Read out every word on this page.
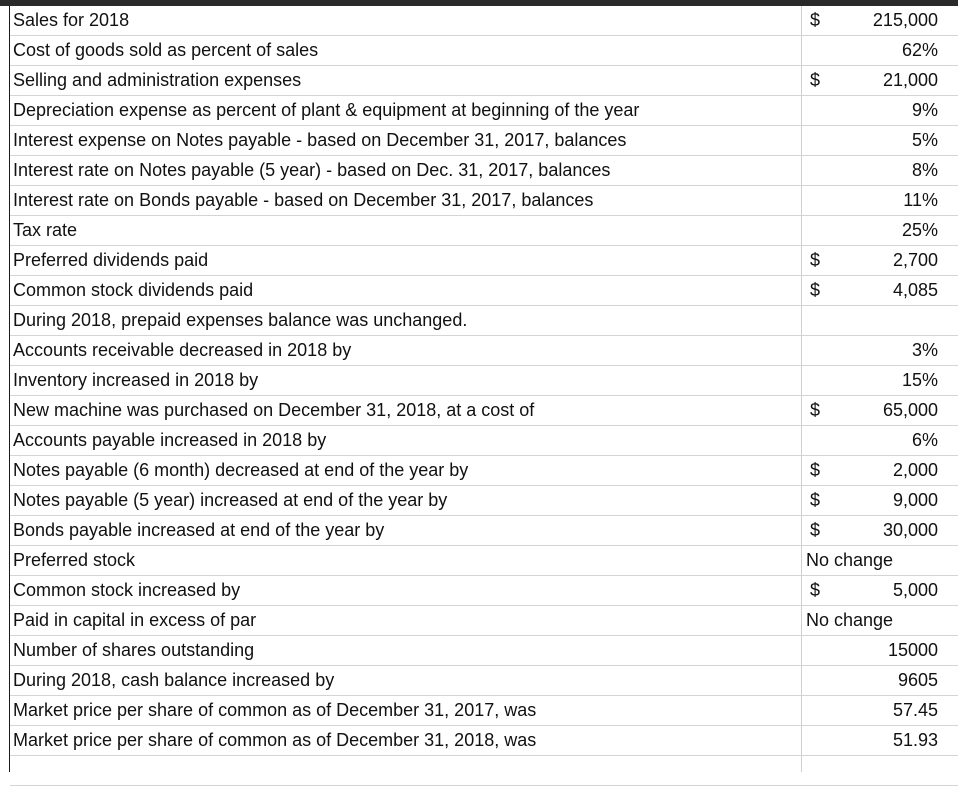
Sales for 2018	$	215,000
Cost of goods sold as percent of sales	62%
Selling and administration expenses	$	21,000
Depreciation expense as percent of plant & equipment at beginning of the year	9%
Interest expense on Notes payable - based on December 31, 2017, balances	5%
Interest rate on Notes payable (5 year) - based on Dec. 31, 2017, balances	8%
Interest rate on Bonds payable - based on December 31, 2017, balances	11%
Tax rate	25%
Preferred dividends paid	$	2,700
Common stock dividends paid	$	4,085
During 2018, prepaid expenses balance was unchanged.
Accounts receivable decreased in 2018 by	3%
Inventory increased in 2018 by	15%
New machine was purchased on December 31, 2018, at a cost of	$	65,000
Accounts payable increased in 2018 by	6%
Notes payable (6 month) decreased at end of the year by	$	2,000
Notes payable (5 year) increased at end of the year by	$	9,000
Bonds payable increased at end of the year by	$	30,000
Preferred stock	No change
Common stock increased by	$	5,000
Paid in capital in excess of par	No change
Number of shares outstanding	15000
During 2018, cash balance increased by	9605
Market price per share of common as of December 31, 2017, was	57.45
Market price per share of common as of December 31, 2018, was	51.93
